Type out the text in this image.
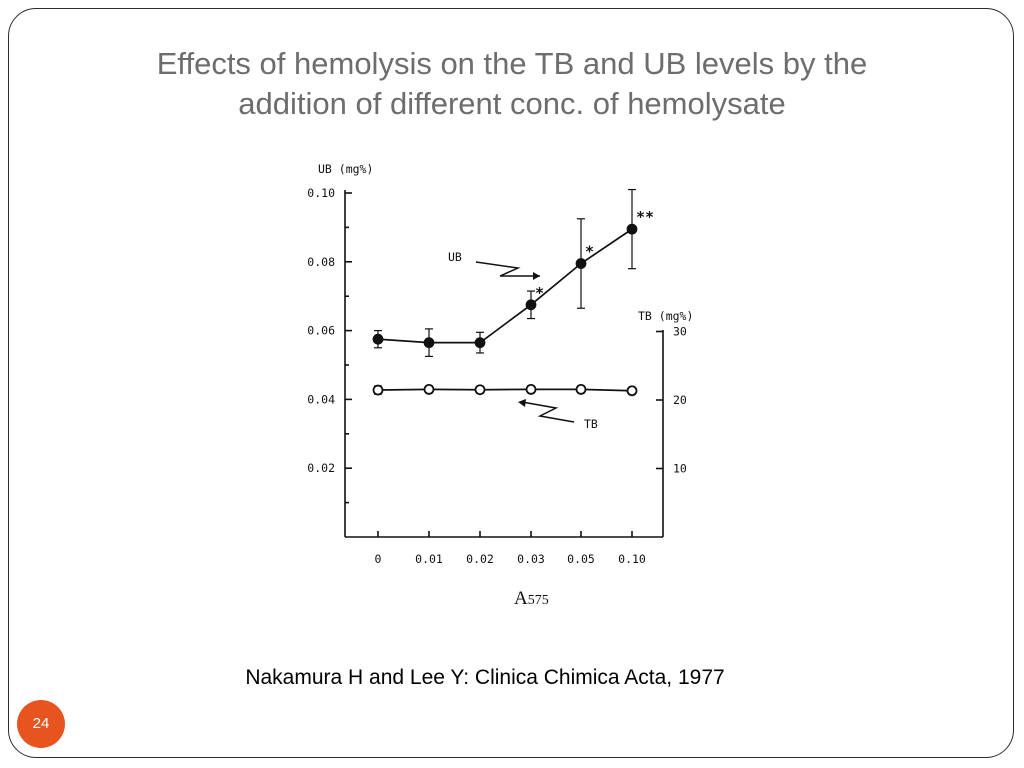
Effects of hemolysis on the TB and UB levels by the
addition of different conc. of hemolysate
0.10
0.08
0.06
0.04
0.02
UB (mg%)
30
20
10
TB (mg%)
0	0.01 0.02 0.03 0.05 0.10
*
*
**
UB
TB
A575
Nakamura H and Lee Y: Clinica Chimica Acta, 1977
24
